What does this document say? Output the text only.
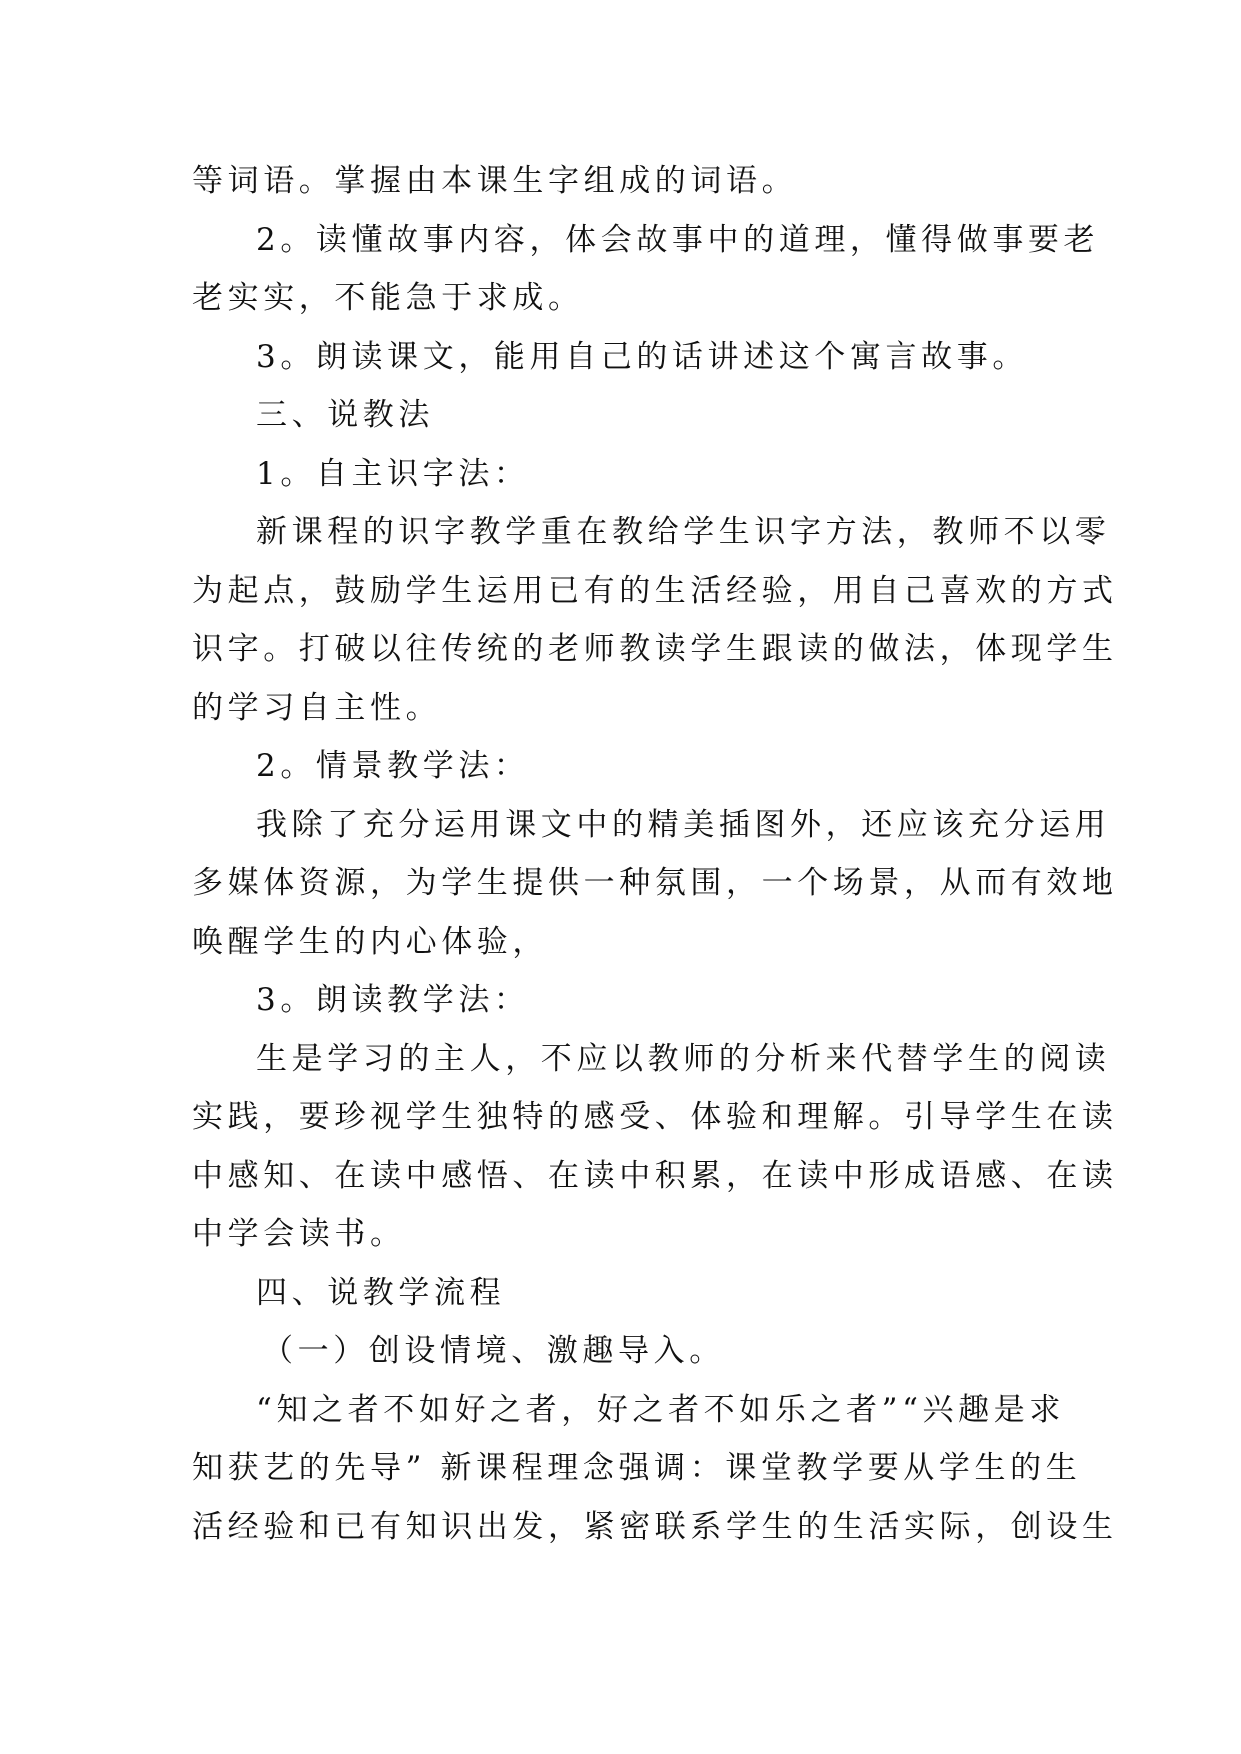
等词语。掌握由本课生字组成的词语。
2。读懂故事内容，体会故事中的道理，懂得做事要老
老实实，不能急于求成。
3。朗读课文，能用自己的话讲述这个寓言故事。
三、说教法
1。自主识字法：
新课程的识字教学重在教给学生识字方法，教师不以零
为起点，鼓励学生运用已有的生活经验，用自己喜欢的方式
识字。打破以往传统的老师教读学生跟读的做法，体现学生
的学习自主性。
2。情景教学法：
我除了充分运用课文中的精美插图外，还应该充分运用
多媒体资源，为学生提供一种氛围，一个场景，从而有效地
唤醒学生的内心体验，
3。朗读教学法：
生是学习的主人，不应以教师的分析来代替学生的阅读
实践，要珍视学生独特的感受、体验和理解。引导学生在读
中感知、在读中感悟、在读中积累，在读中形成语感、在读
中学会读书。
四、说教学流程
（一）创设情境、激趣导入。
“知之者不如好之者，好之者不如乐之者”“兴趣是求
知获艺的先导” 新课程理念强调：课堂教学要从学生的生
活经验和已有知识出发，紧密联系学生的生活实际，创设生
